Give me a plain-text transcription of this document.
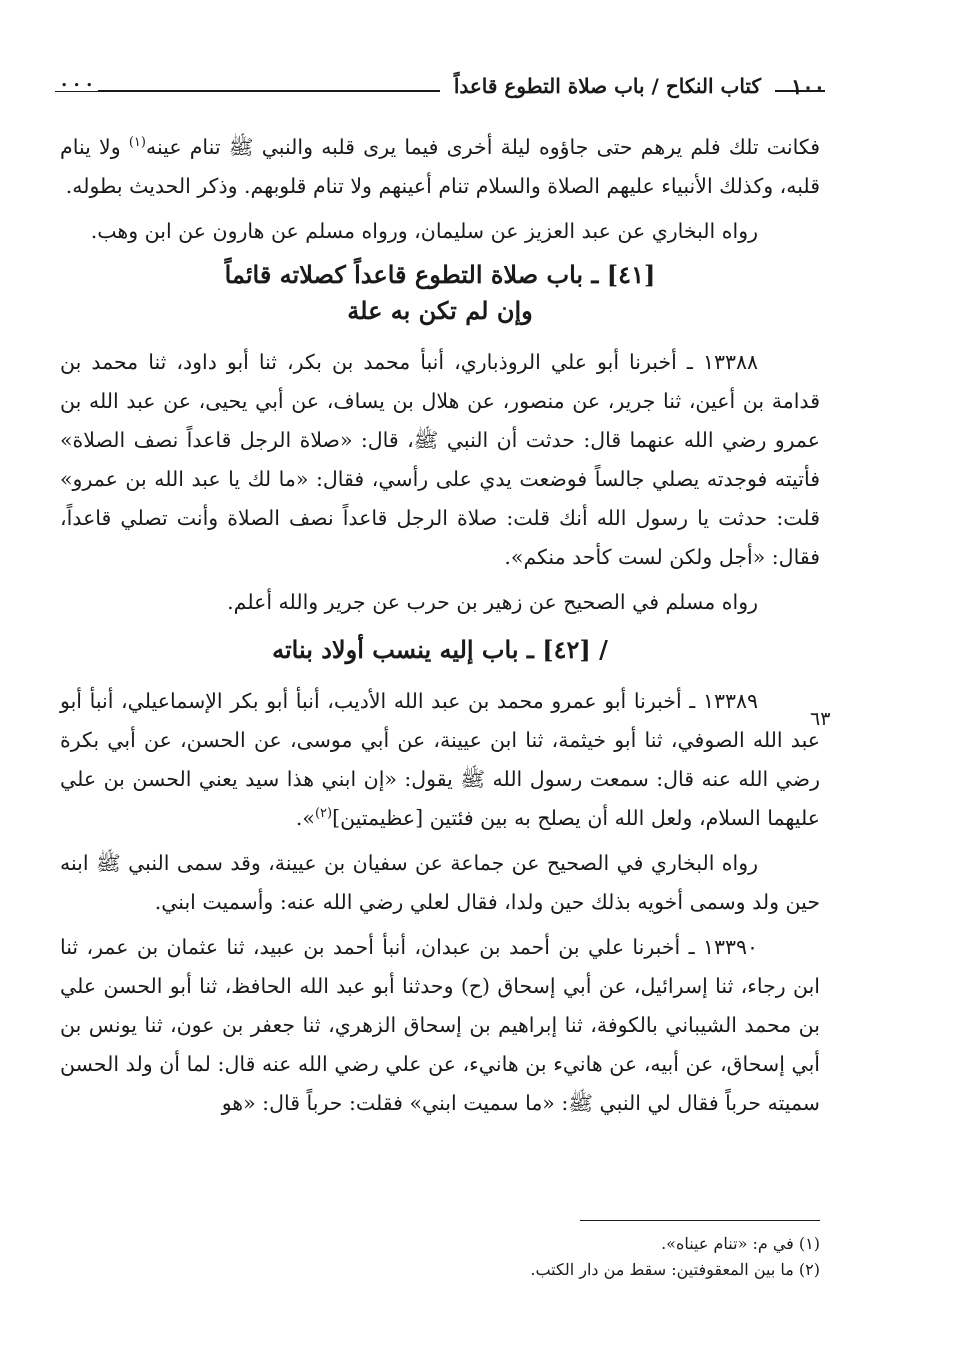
١٠٠
كتاب النكاح / باب صلاة التطوع قاعداً
. . .
٦٣

فكانت تلك فلم يرهم حتى جاؤوه ليلة أخرى فيما يرى قلبه والنبي ﷺ تنام عينه$^{(١)}$ ولا ينام قلبه، وكذلك الأنبياء عليهم الصلاة والسلام تنام أعينهم ولا تنام قلوبهم. وذكر الحديث بطوله.

رواه البخاري عن عبد العزيز عن سليمان، ورواه مسلم عن هارون عن ابن وهب.

[٤١] ـ باب صلاة التطوع قاعداً كصلاته قائماً
وإن لم تكن به علة

١٣٣٨٨ ـ أخبرنا أبو علي الروذباري، أنبأ محمد بن بكر، ثنا أبو داود، ثنا محمد بن قدامة بن أعين، ثنا جرير، عن منصور، عن هلال بن يساف، عن أبي يحيى، عن عبد الله بن عمرو رضي الله عنهما قال: حدثت أن النبي ﷺ، قال: «صلاة الرجل قاعداً نصف الصلاة» فأتيته فوجدته يصلي جالساً فوضعت يدي على رأسي، فقال: «ما لك يا عبد الله بن عمرو» قلت: حدثت يا رسول الله أنك قلت: صلاة الرجل قاعداً نصف الصلاة وأنت تصلي قاعداً، فقال: «أجل ولكن لست كأحد منكم».

رواه مسلم في الصحيح عن زهير بن حرب عن جرير والله أعلم.

/ [٤٢] ـ باب إليه ينسب أولاد بناته

١٣٣٨٩ ـ أخبرنا أبو عمرو محمد بن عبد الله الأديب، أنبأ أبو بكر الإسماعيلي، أنبأ أبو عبد الله الصوفي، ثنا أبو خيثمة، ثنا ابن عيينة، عن أبي موسى، عن الحسن، عن أبي بكرة رضي الله عنه قال: سمعت رسول الله ﷺ يقول: «إن ابني هذا سيد يعني الحسن بن علي عليهما السلام، ولعل الله أن يصلح به بين فئتين [عظيمتين]$^{(٢)}$».

رواه البخاري في الصحيح عن جماعة عن سفيان بن عيينة، وقد سمى النبي ﷺ ابنه حين ولد وسمى أخويه بذلك حين ولدا، فقال لعلي رضي الله عنه: وأسميت ابني.

١٣٣٩٠ ـ أخبرنا علي بن أحمد بن عبدان، أنبأ أحمد بن عبيد، ثنا عثمان بن عمر، ثنا ابن رجاء، ثنا إسرائيل، عن أبي إسحاق (ح) وحدثنا أبو عبد الله الحافظ، ثنا أبو الحسن علي بن محمد الشيباني بالكوفة، ثنا إبراهيم بن إسحاق الزهري، ثنا جعفر بن عون، ثنا يونس بن أبي إسحاق، عن أبيه، عن هانيء بن هانيء، عن علي رضي الله عنه قال: لما أن ولد الحسن سميته حرباً فقال لي النبي ﷺ: «ما سميت ابني» فقلت: حرباً قال: «هو

(١) في م: «تنام عيناه».

(٢) ما بين المعقوفتين: سقط من دار الكتب.
